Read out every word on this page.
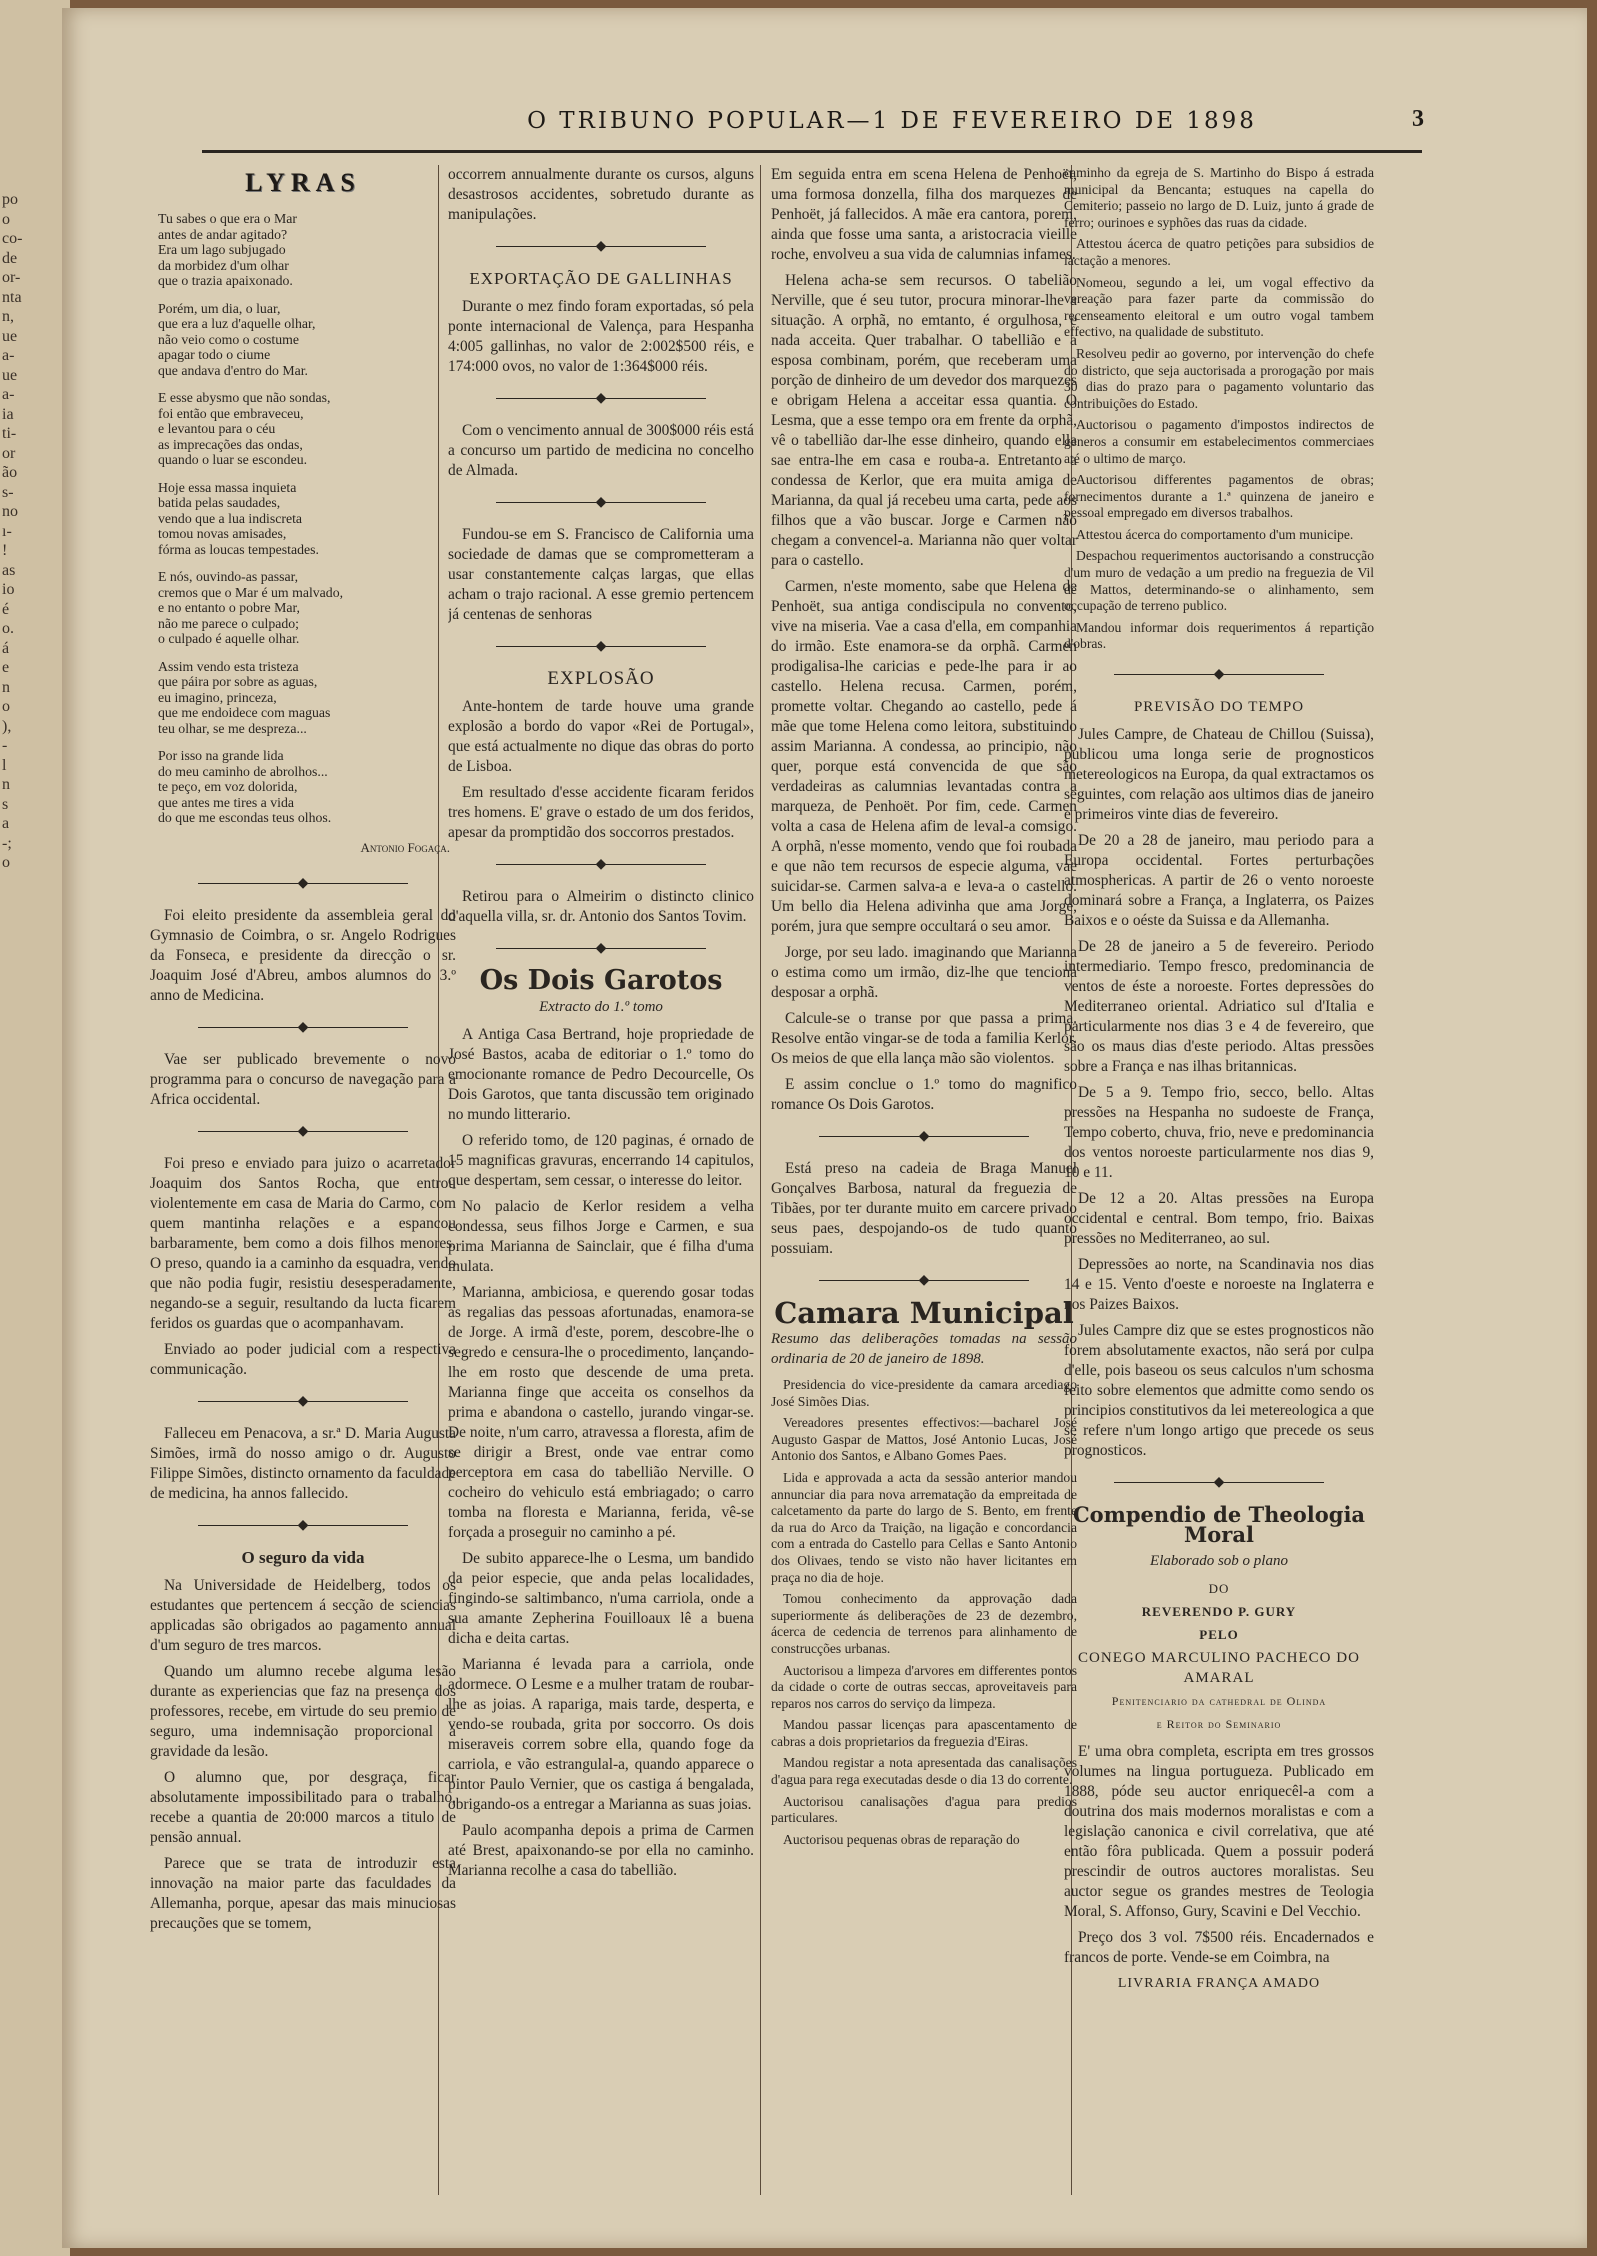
po
o
co-
de
or-
nta
n,
ue
a-
ue
a-
ia
ti-
or
ão
s-
no
ı-
!
as
io
é
o.
á
e
n
o
),
-
l
n
s
a
-;
o
O TRIBUNO POPULAR—1 DE FEVEREIRO DE 1898	3
LYRAS
Tu sabes o que era o Mar
antes de andar agitado?
Era um lago subjugado
da morbidez d'um olhar
que o trazia apaixonado.
Porém, um dia, o luar,
que era a luz d'aquelle olhar,
não veio como o costume
apagar todo o ciume
que andava d'entro do Mar.
E esse abysmo que não sondas,
foi então que embraveceu,
e levantou para o céu
as imprecações das ondas,
quando o luar se escondeu.
Hoje essa massa inquieta
batida pelas saudades,
vendo que a lua indiscreta
tomou novas amisades,
fórma as loucas tempestades.
E nós, ouvindo-as passar,
cremos que o Mar é um malvado,
e no entanto o pobre Mar,
não me parece o culpado;
o culpado é aquelle olhar.
Assim vendo esta tristeza
que páira por sobre as aguas,
eu imagino, princeza,
que me endoidece com maguas
teu olhar, se me despreza...
Por isso na grande lida
do meu caminho de abrolhos...
te peço, em voz dolorida,
que antes me tires a vida
do que me escondas teus olhos.
Antonio Fogaça.
◆

Foi eleito presidente da assembleia geral do Gymnasio de Coimbra, o sr. Angelo Rodrigues da Fonseca, e presidente da direcção o sr. Joaquim José d'Abreu, ambos alumnos do 3.º anno de Medicina.

◆

Vae ser publicado brevemente o novo programma para o concurso de navegação para a Africa occidental.

◆

Foi preso e enviado para juizo o acarretador Joaquim dos Santos Rocha, que entrou violentemente em casa de Maria do Carmo, com quem mantinha relações e a espancou barbaramente, bem como a dois filhos menores. O preso, quando ia a caminho da esquadra, vendo que não podia fugir, resistiu desesperadamente, negando-se a seguir, resultando da lucta ficarem feridos os guardas que o acompanhavam.

Enviado ao poder judicial com a respectiva communicação.

◆

Falleceu em Penacova, a sr.ª D. Maria Augusta Simões, irmã do nosso amigo o dr. Augusto Filippe Simões, distincto ornamento da faculdade de medicina, ha annos fallecido.

◆
O seguro da vida

Na Universidade de Heidelberg, todos os estudantes que pertencem á secção de sciencias applicadas são obrigados ao pagamento annual d'um seguro de tres marcos.

Quando um alumno recebe alguma lesão durante as experiencias que faz na presença dos professores, recebe, em virtude do seu premio de seguro, uma indemnisação proporcional á gravidade da lesão.

O alumno que, por desgraça, ficar absolutamente impossibilitado para o trabalho, recebe a quantia de 20:000 marcos a titulo de pensão annual.

Parece que se trata de introduzir esta innovação na maior parte das faculdades da Allemanha, porque, apesar das mais minuciosas precauções que se tomem,

occorrem annualmente durante os cursos, alguns desastrosos accidentes, sobretudo durante as manipulações.

◆
EXPORTAÇÃO DE GALLINHAS

Durante o mez findo foram exportadas, só pela ponte internacional de Valença, para Hespanha 4:005 gallinhas, no valor de 2:002$500 réis, e 174:000 ovos, no valor de 1:364$000 réis.

◆

Com o vencimento annual de 300$000 réis está a concurso um partido de medicina no concelho de Almada.

◆

Fundou-se em S. Francisco de California uma sociedade de damas que se comprometteram a usar constantemente calças largas, que ellas acham o trajo racional. A esse gremio pertencem já centenas de senhoras

◆
EXPLOSÃO

Ante-hontem de tarde houve uma grande explosão a bordo do vapor «Rei de Portugal», que está actualmente no dique das obras do porto de Lisboa.

Em resultado d'esse accidente ficaram feridos tres homens. E' grave o estado de um dos feridos, apesar da promptidão dos soccorros prestados.

◆

Retirou para o Almeirim o distincto clinico d'aquella villa, sr. dr. Antonio dos Santos Tovim.

◆
Os Dois Garotos
Extracto do 1.º tomo

A Antiga Casa Bertrand, hoje propriedade de José Bastos, acaba de editoriar o 1.º tomo do emocionante romance de Pedro Decourcelle, Os Dois Garotos, que tanta discussão tem originado no mundo litterario.

O referido tomo, de 120 paginas, é ornado de 15 magnificas gravuras, encerrando 14 capitulos, que despertam, sem cessar, o interesse do leitor.

No palacio de Kerlor residem a velha condessa, seus filhos Jorge e Carmen, e sua prima Marianna de Sainclair, que é filha d'uma mulata.

Marianna, ambiciosa, e querendo gosar todas as regalias das pessoas afortunadas, enamora-se de Jorge. A irmã d'este, porem, descobre-lhe o segredo e censura-lhe o procedimento, lançando-lhe em rosto que descende de uma preta. Marianna finge que acceita os conselhos da prima e abandona o castello, jurando vingar-se. De noite, n'um carro, atravessa a floresta, afim de se dirigir a Brest, onde vae entrar como perceptora em casa do tabellião Nerville. O cocheiro do vehiculo está embriagado; o carro tomba na floresta e Marianna, ferida, vê-se forçada a proseguir no caminho a pé.

De subito apparece-lhe o Lesma, um bandido da peior especie, que anda pelas localidades, fingindo-se saltimbanco, n'uma carriola, onde a sua amante Zepherina Fouilloaux lê a buena dicha e deita cartas.

Marianna é levada para a carriola, onde adormece. O Lesme e a mulher tratam de roubar-lhe as joias. A rapariga, mais tarde, desperta, e vendo-se roubada, grita por soccorro. Os dois miseraveis correm sobre ella, quando foge da carriola, e vão estrangulal-a, quando apparece o pintor Paulo Vernier, que os castiga á bengalada, obrigando-os a entregar a Marianna as suas joias.

Paulo acompanha depois a prima de Carmen até Brest, apaixonando-se por ella no caminho. Marianna recolhe a casa do tabellião.

Em seguida entra em scena Helena de Penhoët, uma formosa donzella, filha dos marquezes de Penhoët, já fallecidos. A mãe era cantora, porem, ainda que fosse uma santa, a aristocracia vieille roche, envolveu a sua vida de calumnias infames.

Helena acha-se sem recursos. O tabelião Nerville, que é seu tutor, procura minorar-lhe a situação. A orphã, no emtanto, é orgulhosa, e nada acceita. Quer trabalhar. O tabellião e a esposa combinam, porém, que receberam uma porção de dinheiro de um devedor dos marquezes e obrigam Helena a acceitar essa quantia. O Lesma, que a esse tempo ora em frente da orphã, vê o tabellião dar-lhe esse dinheiro, quando ella sae entra-lhe em casa e rouba-a. Entretanto a condessa de Kerlor, que era muita amiga de Marianna, da qual já recebeu uma carta, pede aos filhos que a vão buscar. Jorge e Carmen não chegam a convencel-a. Marianna não quer voltar para o castello.

Carmen, n'este momento, sabe que Helena de Penhoët, sua antiga condiscipula no convento, vive na miseria. Vae a casa d'ella, em companhia do irmão. Este enamora-se da orphã. Carmen prodigalisa-lhe caricias e pede-lhe para ir ao castello. Helena recusa. Carmen, porém, promette voltar. Chegando ao castello, pede á mãe que tome Helena como leitora, substituindo assim Marianna. A condessa, ao principio, não quer, porque está convencida de que são verdadeiras as calumnias levantadas contra a marqueza, de Penhoët. Por fim, cede. Carmen volta a casa de Helena afim de leval-a comsigo. A orphã, n'esse momento, vendo que foi roubada e que não tem recursos de especie alguma, vae suicidar-se. Carmen salva-a e leva-a o castello. Um bello dia Helena adivinha que ama Jorge, porém, jura que sempre occultará o seu amor.

Jorge, por seu lado. imaginando que Marianna o estima como um irmão, diz-lhe que tenciona desposar a orphã.

Calcule-se o transe por que passa a prima. Resolve então vingar-se de toda a familia Kerlor. Os meios de que ella lança mão são violentos.

E assim conclue o 1.º tomo do magnifico romance Os Dois Garotos.

◆

Está preso na cadeia de Braga Manuel Gonçalves Barbosa, natural da freguezia de Tibães, por ter durante muito em carcere privado seus paes, despojando-os de tudo quanto possuiam.

◆
Camara Municipal
Resumo das deliberações tomadas na sessão ordinaria de 20 de janeiro de 1898.

Presidencia do vice-presidente da camara arcediago José Simões Dias.

Vereadores presentes effectivos:—bacharel José Augusto Gaspar de Mattos, José Antonio Lucas, José Antonio dos Santos, e Albano Gomes Paes.

Lida e approvada a acta da sessão anterior mandou annunciar dia para nova arrematação da empreitada de calcetamento da parte do largo de S. Bento, em frente da rua do Arco da Traição, na ligação e concordancia com a entrada do Castello para Cellas e Santo Antonio dos Olivaes, tendo se visto não haver licitantes em praça no dia de hoje.

Tomou conhecimento da approvação dada superiormente ás deliberações de 23 de dezembro, ácerca de cedencia de terrenos para alinhamento de construcções urbanas.

Auctorisou a limpeza d'arvores em differentes pontos da cidade o corte de outras seccas, aproveitaveis para reparos nos carros do serviço da limpeza.

Mandou passar licenças para apascentamento de cabras a dois proprietarios da freguezia d'Eiras.

Mandou registar a nota apresentada das canalisações d'agua para rega executadas desde o dia 13 do corrente.

Auctorisou canalisações d'agua para predios particulares.

Auctorisou pequenas obras de reparação do

caminho da egreja de S. Martinho do Bispo á estrada municipal da Bencanta; estuques na capella do Cemiterio; passeio no largo de D. Luiz, junto á grade de ferro; ourinoes e syphões das ruas da cidade.

Attestou ácerca de quatro petições para subsidios de lactação a menores.

Nomeou, segundo a lei, um vogal effectivo da vereação para fazer parte da commissão do recenseamento eleitoral e um outro vogal tambem effectivo, na qualidade de substituto.

Resolveu pedir ao governo, por intervenção do chefe do districto, que seja auctorisada a prorogação por mais 30 dias do prazo para o pagamento voluntario das contribuições do Estado.

Auctorisou o pagamento d'impostos indirectos de generos a consumir em estabelecimentos commerciaes até o ultimo de março.

Auctorisou differentes pagamentos de obras; fornecimentos durante a 1.ª quinzena de janeiro e pessoal empregado em diversos trabalhos.

Attestou ácerca do comportamento d'um municipe.

Despachou requerimentos auctorisando a construcção d'um muro de vedação a um predio na freguezia de Vil de Mattos, determinando-se o alinhamento, sem occupação de terreno publico.

Mandou informar dois requerimentos á repartição d'obras.

◆
PREVISÃO DO TEMPO

Jules Campre, de Chateau de Chillou (Suissa), publicou uma longa serie de prognosticos metereologicos na Europa, da qual extractamos os seguintes, com relação aos ultimos dias de janeiro e primeiros vinte dias de fevereiro.

De 20 a 28 de janeiro, mau periodo para a Europa occidental. Fortes perturbações atmosphericas. A partir de 26 o vento noroeste dominará sobre a França, a Inglaterra, os Paizes Baixos e o oéste da Suissa e da Allemanha.

De 28 de janeiro a 5 de fevereiro. Periodo intermediario. Tempo fresco, predominancia de ventos de éste a noroeste. Fortes depressões do Mediterraneo oriental. Adriatico sul d'Italia e particularmente nos dias 3 e 4 de fevereiro, que são os maus dias d'este periodo. Altas pressões sobre a França e nas ilhas britannicas.

De 5 a 9. Tempo frio, secco, bello. Altas pressões na Hespanha no sudoeste de França, Tempo coberto, chuva, frio, neve e predominancia dos ventos noroeste particularmente nos dias 9, 10 e 11.

De 12 a 20. Altas pressões na Europa occidental e central. Bom tempo, frio. Baixas pressões no Mediterraneo, ao sul.

Depressões ao norte, na Scandinavia nos dias 14 e 15. Vento d'oeste e noroeste na Inglaterra e nos Paizes Baixos.

Jules Campre diz que se estes prognosticos não forem absolutamente exactos, não será por culpa d'elle, pois baseou os seus calculos n'um schosma feito sobre elementos que admitte como sendo os principios constitutivos da lei metereologica a que se refere n'um longo artigo que precede os seus prognosticos.

◆
Compendio de Theologia Moral
Elaborado sob o plano
DO
REVERENDO P. GURY
PELO
CONEGO MARCULINO PACHECO DO AMARAL
Penitenciario da cathedral de Olinda
e Reitor do Seminario

E' uma obra completa, escripta em tres grossos volumes na lingua portugueza. Publicado em 1888, póde seu auctor enriquecêl-a com a doutrina dos mais modernos moralistas e com a legislação canonica e civil correlativa, que até então fôra publicada. Quem a possuir poderá prescindir de outros auctores moralistas. Seu auctor segue os grandes mestres de Teologia Moral, S. Affonso, Gury, Scavini e Del Vecchio.

Preço dos 3 vol. 7$500 réis. Encadernados e francos de porte. Vende-se em Coimbra, na

LIVRARIA FRANÇA AMADO
